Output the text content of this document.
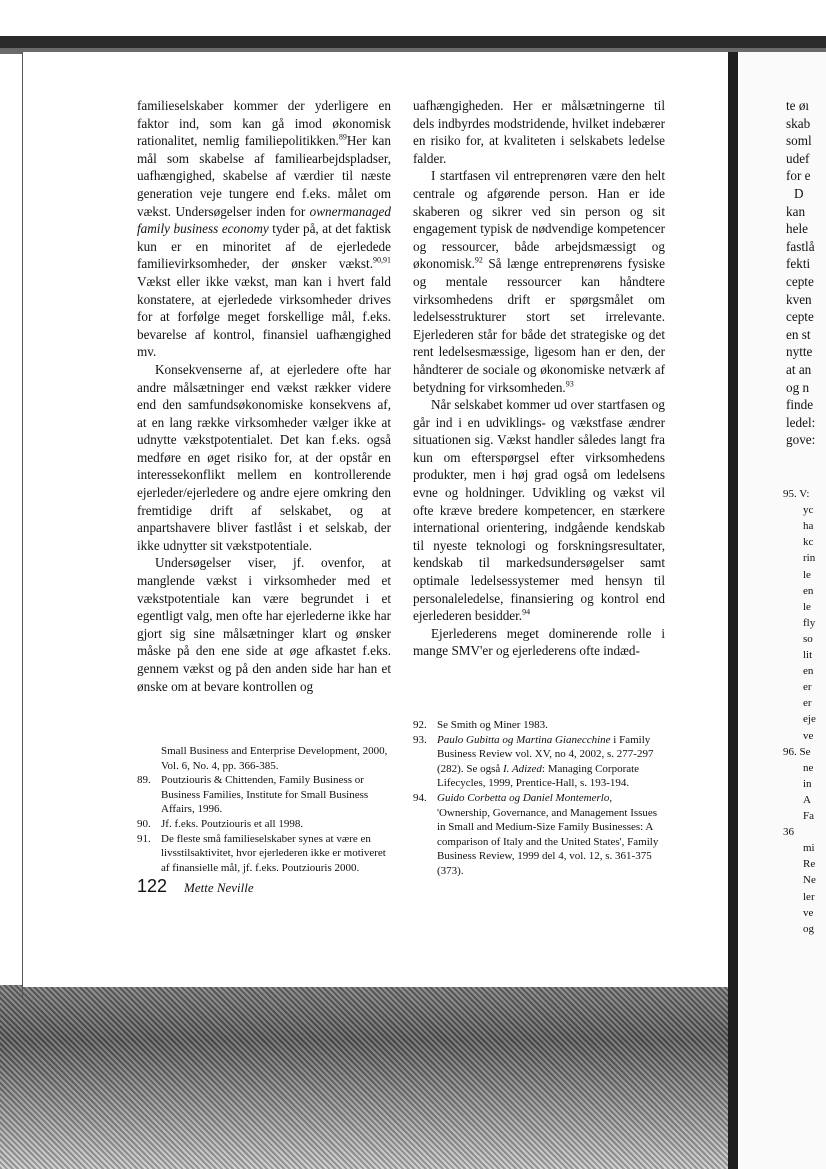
familieselskaber kommer der yderligere en faktor ind, som kan gå imod økonomisk rationalitet, nemlig familiepolitikken.$^{89}$Her kan mål som skabelse af familiearbejdspladser, uafhængighed, skabelse af værdier til næste generation veje tungere end f.eks. målet om vækst. Undersøgelser inden for ownermanaged family business economy tyder på, at det faktisk kun er en minoritet af de ejerledede familievirksomheder, der ønsker vækst.$^{90,91}$ Vækst eller ikke vækst, man kan i hvert fald konstatere, at ejerledede virksomheder drives for at forfølge meget forskellige mål, f.eks. bevarelse af kontrol, finansiel uafhængighed mv.

Konsekvenserne af, at ejerledere ofte har andre målsætninger end vækst rækker videre end den samfundsøkonomiske konsekvens af, at en lang række virksomheder vælger ikke at udnytte vækstpotentialet. Det kan f.eks. også medføre en øget risiko for, at der opstår en interessekonflikt mellem en kontrollerende ejerleder/ejerledere og andre ejere omkring den fremtidige drift af selskabet, og at anpartshavere bliver fastlåst i et selskab, der ikke udnytter sit vækstpotentiale.

Undersøgelser viser, jf. ovenfor, at manglende vækst i virksomheder med et vækstpotentiale kan være begrundet i et egentligt valg, men ofte har ejerlederne ikke har gjort sig sine målsætninger klart og ønsker måske på den ene side at øge afkastet f.eks. gennem vækst og på den anden side har han et ønske om at bevare kontrollen og

uafhængigheden. Her er målsætningerne til dels indbyrdes modstridende, hvilket indebærer en risiko for, at kvaliteten i selskabets ledelse falder.

I startfasen vil entreprenøren være den helt centrale og afgørende person. Han er ide skaberen og sikrer ved sin person og sit engagement typisk de nødvendige kompetencer og ressourcer, både arbejdsmæssigt og økonomisk.$^{92}$ Så længe entreprenørens fysiske og mentale ressourcer kan håndtere virksomhedens drift er spørgsmålet om ledelsesstrukturer stort set irrelevante. Ejerlederen står for både det strategiske og det rent ledelsesmæssige, ligesom han er den, der håndterer de sociale og økonomiske netværk af betydning for virksomheden.$^{93}$

Når selskabet kommer ud over startfasen og går ind i en udviklings- og vækstfase ændrer situationen sig. Vækst handler således langt fra kun om efterspørgsel efter virksomhedens produkter, men i høj grad også om ledelsens evne og holdninger. Udvikling og vækst vil ofte kræve bredere kompetencer, en stærkere international orientering, indgående kendskab til nyeste teknologi og forskningsresultater, kendskab til markedsundersøgelser samt optimale ledelsessystemer med hensyn til personaleledelse, finansiering og kontrol end ejerlederen besidder.$^{94}$

Ejerlederens meget dominerende rolle i mange SMV'er og ejerlederens ofte indæd-

Small Business and Enterprise Development, 2000, Vol. 6, No. 4, pp. 366-385.
89. Poutziouris & Chittenden, Family Business or Business Families, Institute for Small Business Affairs, 1996.
90. Jf. f.eks. Poutziouris et all 1998.
91. De fleste små familieselskaber synes at være en livsstilsaktivitet, hvor ejerlederen ikke er motiveret af finansielle mål, jf. f.eks. Poutziouris 2000.
92. Se Smith og Miner 1983.
93. Paulo Gubitta og Martina Gianecchine i Family Business Review vol. XV, no 4, 2002, s. 277-297 (282). Se også I. Adized: Managing Corporate Lifecycles, 1999, Prentice-Hall, s. 193-194.
94. Guido Corbetta og Daniel Montemerlo, 'Ownership, Governance, and Management Issues in Small and Medium-Size Family Businesses: A comparison of Italy and the United States', Family Business Review, 1999 del 4, vol. 12, s. 361-375 (373).
122 Mette Neville
te øı
skab
soml
udef
for e
D
kan
hele
fastlå
fekti
cepte
kven
cepte
en st
nytte
at an
og n
finde
ledel:
gove:
95. V:
yc
ha
kc
rin
le
en
le
fly
so
lit
en
er
er
eje
ve
96. Se
ne
in
A
Fa
36
mi
Re
Ne
ler
ve
og
